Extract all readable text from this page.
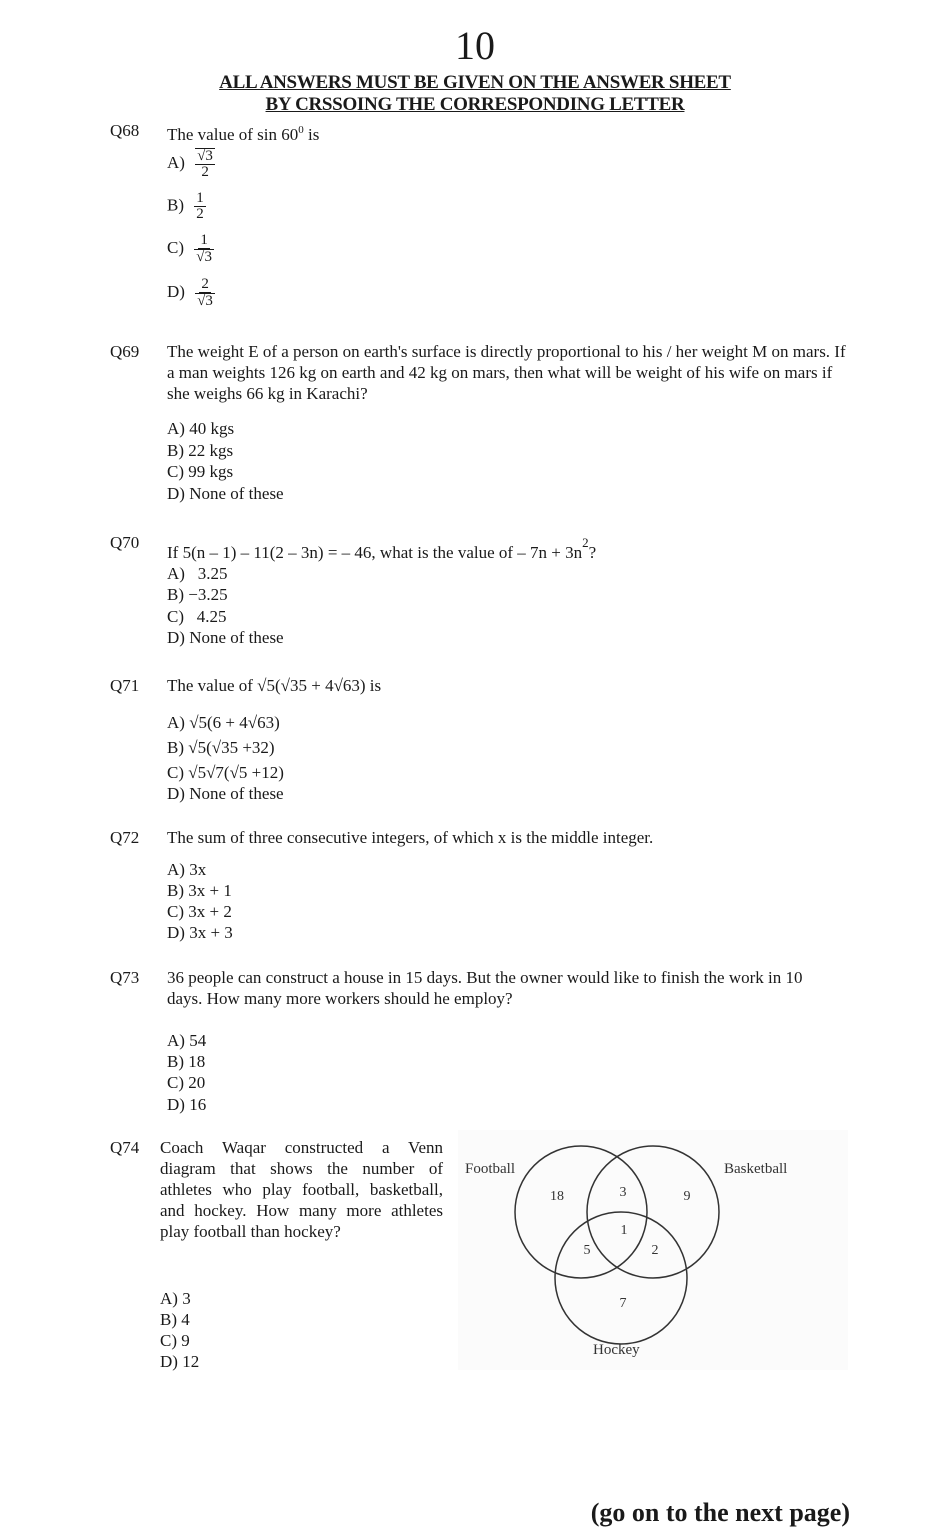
10
ALL ANSWERS MUST BE GIVEN ON THE ANSWER SHEET
BY CRSSOING THE CORRESPONDING LETTER
Q68 The value of $\sin 60^0$ is
$A) \frac{√3}{2}$
$B) \frac{1}{2}$
$C) \frac{1}{√3}$
$D) \frac{2}{√3}$
Q69 The weight E of a person on earth's surface is directly proportional to his / her weight M on mars. If a man weights 126 kg on earth and 42 kg on mars, then what will be weight of his wife on mars if she weighs 66 kg in Karachi?
A) 40 kgs
B) 22 kgs
C) 99 kgs
D) None of these
Q70
If 5(n – 1) – 11(2 – 3n) = – 46, what is the value of – $7n + 3n^2$?
A)   3.25
B) −3.25
C)   4.25
D) None of these
Q71 The value of √5(√35 + 4√63) is
A) √5(6 + 4√63)
B) √5(√35 +32)
C) √5√7(√5 +12)
D) None of these
Q72 The sum of three consecutive integers, of which x is the middle integer.
A) 3x
B) 3x + 1
C) 3x + 2
D) 3x + 3
Q73 36 people can construct a house in 15 days. But the owner would like to finish the work in 10 days. How many more workers should he employ?
A) 54
B) 18
C) 20
D) 16
Q74 Coach Waqar constructed a Venn diagram that shows the number of athletes who play football, basketball, and hockey. How many more athletes play football than hockey?
A) 3
B) 4
C) 9
D) 12
Football	Basketball
Hockey
18	3	9
1
5	2
7
(go on to the next page)
